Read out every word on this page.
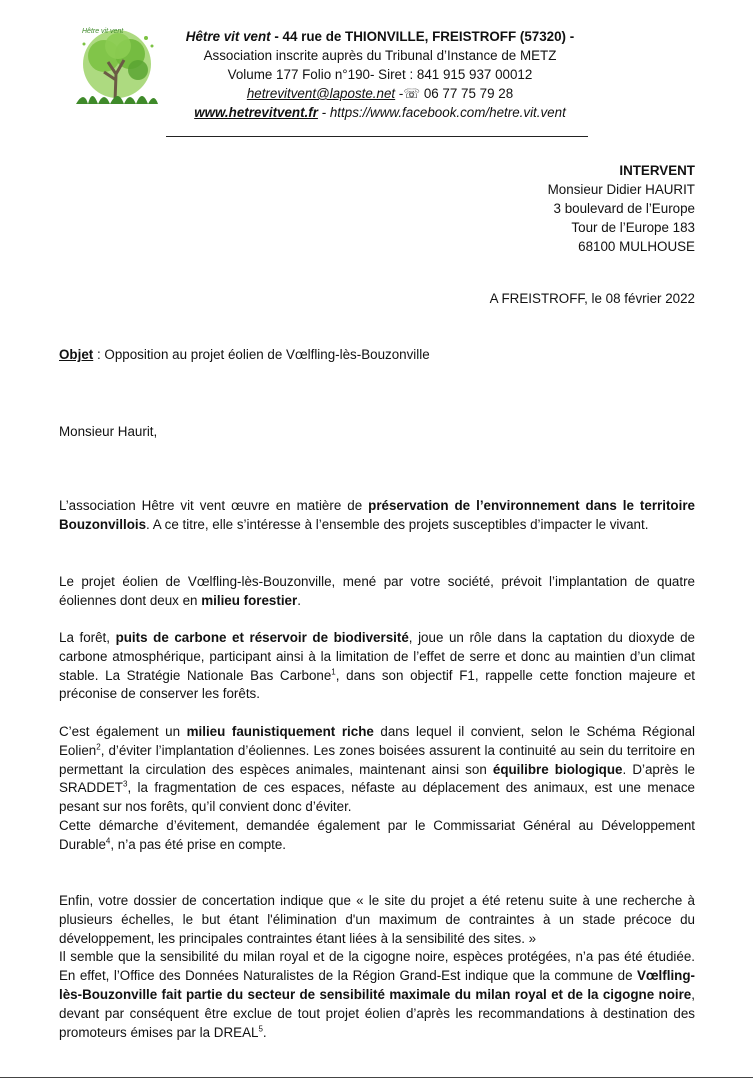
Hêtre vit vent	Hêtre vit vent - 44 rue de THIONVILLE, FREISTROFF (57320) -
Association inscrite auprès du Tribunal d’Instance de METZ
Volume 177 Folio n°190- Siret : 841 915 937 00012
hetrevitvent@laposte.net -☏ 06 77 75 79 28
www.hetrevitvent.fr - https://www.facebook.com/hetre.vit.vent
INTERVENT
Monsieur Didier HAURIT
3 boulevard de l’Europe
Tour de l’Europe 183
68100 MULHOUSE
A FREISTROFF, le 08 février 2022
Objet : Opposition au projet éolien de Vœlfling-lès-Bouzonville
Monsieur Haurit,
L’association Hêtre vit vent œuvre en matière de préservation de l’environnement dans le territoire Bouzonvillois. A ce titre, elle s’intéresse à l’ensemble des projets susceptibles d’impacter le vivant.
Le projet éolien de Vœlfling-lès-Bouzonville, mené par votre société, prévoit l’implantation de quatre éoliennes dont deux en milieu forestier.
La forêt, puits de carbone et réservoir de biodiversité, joue un rôle dans la captation du dioxyde de carbone atmosphérique, participant ainsi à la limitation de l’effet de serre et donc au maintien d’un climat stable. La Stratégie Nationale Bas Carbone$^1$, dans son objectif F1, rappelle cette fonction majeure et préconise de conserver les forêts.
C’est également un milieu faunistiquement riche dans lequel il convient, selon le Schéma Régional Eolien$^2$, d’éviter l’implantation d’éoliennes. Les zones boisées assurent la continuité au sein du territoire en permettant la circulation des espèces animales, maintenant ainsi son équilibre biologique. D’après le SRADDET$^3$, la fragmentation de ces espaces, néfaste au déplacement des animaux, est une menace pesant sur nos forêts, qu’il convient donc d’éviter.
Cette démarche d’évitement, demandée également par le Commissariat Général au Développement Durable$^4$, n’a pas été prise en compte.
Enfin, votre dossier de concertation indique que « le site du projet a été retenu suite à une recherche à plusieurs échelles, le but étant l'élimination d'un maximum de contraintes à un stade précoce du développement, les principales contraintes étant liées à la sensibilité des sites. »
Il semble que la sensibilité du milan royal et de la cigogne noire, espèces protégées, n’a pas été étudiée. En effet, l’Office des Données Naturalistes de la Région Grand-Est indique que la commune de Vœlfling-lès-Bouzonville fait partie du secteur de sensibilité maximale du milan royal et de la cigogne noire, devant par conséquent être exclue de tout projet éolien d’après les recommandations à destination des promoteurs émises par la DREAL$^5$.
